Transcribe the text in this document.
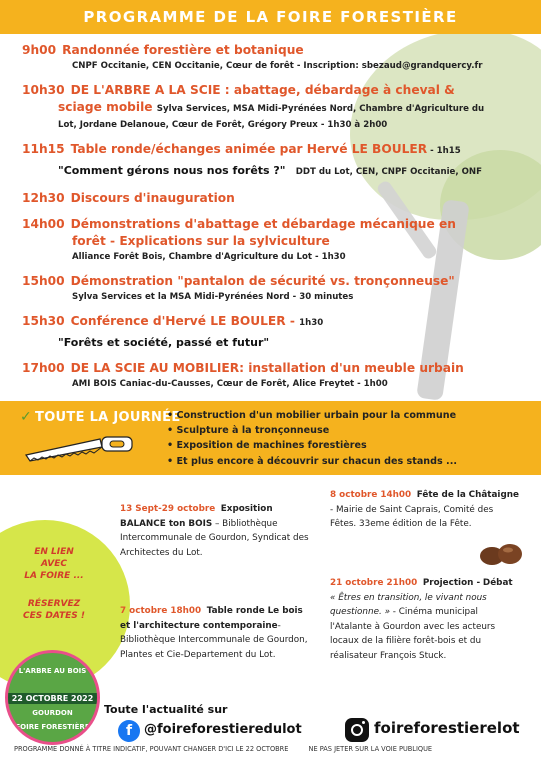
PROGRAMME DE LA FOIRE FORESTIÈRE
9h00 Randonnée forestière et botanique
CNPF Occitanie, CEN Occitanie, Cœur de forêt - Inscription: sbezaud@grandquercy.fr
10h30 DE L'ARBRE A LA SCIE : abattage, débardage à cheval &
sciage mobile Sylva Services, MSA Midi-Pyrénées Nord, Chambre d'Agriculture du
Lot, Jordane Delanoue, Cœur de Forêt, Grégory Preux - 1h30 à 2h00
11h15 Table ronde/échanges animée par Hervé LE BOULER - 1h15
"Comment gérons nous nos forêts ?" DDT du Lot, CEN, CNPF Occitanie, ONF
12h30 Discours d'inauguration
14h00 Démonstrations d'abattage et débardage mécanique en
forêt - Explications sur la sylviculture
Alliance Forêt Bois, Chambre d'Agriculture du Lot - 1h30
15h00 Démonstration "pantalon de sécurité vs. tronçonneuse"
Sylva Services et la MSA Midi-Pyrénées Nord - 30 minutes
15h30 Conférence d'Hervé LE BOULER - 1h30
"Forêts et société, passé et futur"
17h00 DE LA SCIE AU MOBILIER: installation d'un meuble urbain
AMI BOIS Caniac-du-Causses, Cœur de Forêt, Alice Freytet - 1h00
✓ TOUTE LA JOURNÉE
• Construction d'un mobilier urbain pour la commune
• Sculpture à la tronçonneuse
• Exposition de machines forestières
• Et plus encore à découvrir sur chacun des stands ...
EN LIEN
AVEC
LA FOIRE ...
RÉSERVEZ
CES DATES !
L'ARBRE AU BOIS
22 OCTOBRE 2022
GOURDON
FOIRE FORESTIÈRE
13 Sept-29 octobre Exposition BALANCE ton BOIS – Bibliothèque Intercommunale de Gourdon, Syndicat des Architectes du Lot.
8 octobre 14h00 Fête de la Châtaigne - Mairie de Saint Caprais, Comité des Fêtes. 33eme édition de la Fête.
7 octobre 18h00 Table ronde Le bois et l'architecture contemporaine- Bibliothèque Intercommunale de Gourdon, Plantes et Cie-Departement du Lot.
21 octobre 21h00 Projection - Débat
« Êtres en transition, le vivant nous questionne. » - Cinéma municipal l'Atalante à Gourdon avec les acteurs locaux de la filière forêt-bois et du réalisateur François Stuck.
Toute l'actualité sur
f @foireforestieredulot	foireforestierelot
PROGRAMME DONNÉ À TITRE INDICATIF, POUVANT CHANGER D'ICI LE 22 OCTOBRE	NE PAS JETER SUR LA VOIE PUBLIQUE
